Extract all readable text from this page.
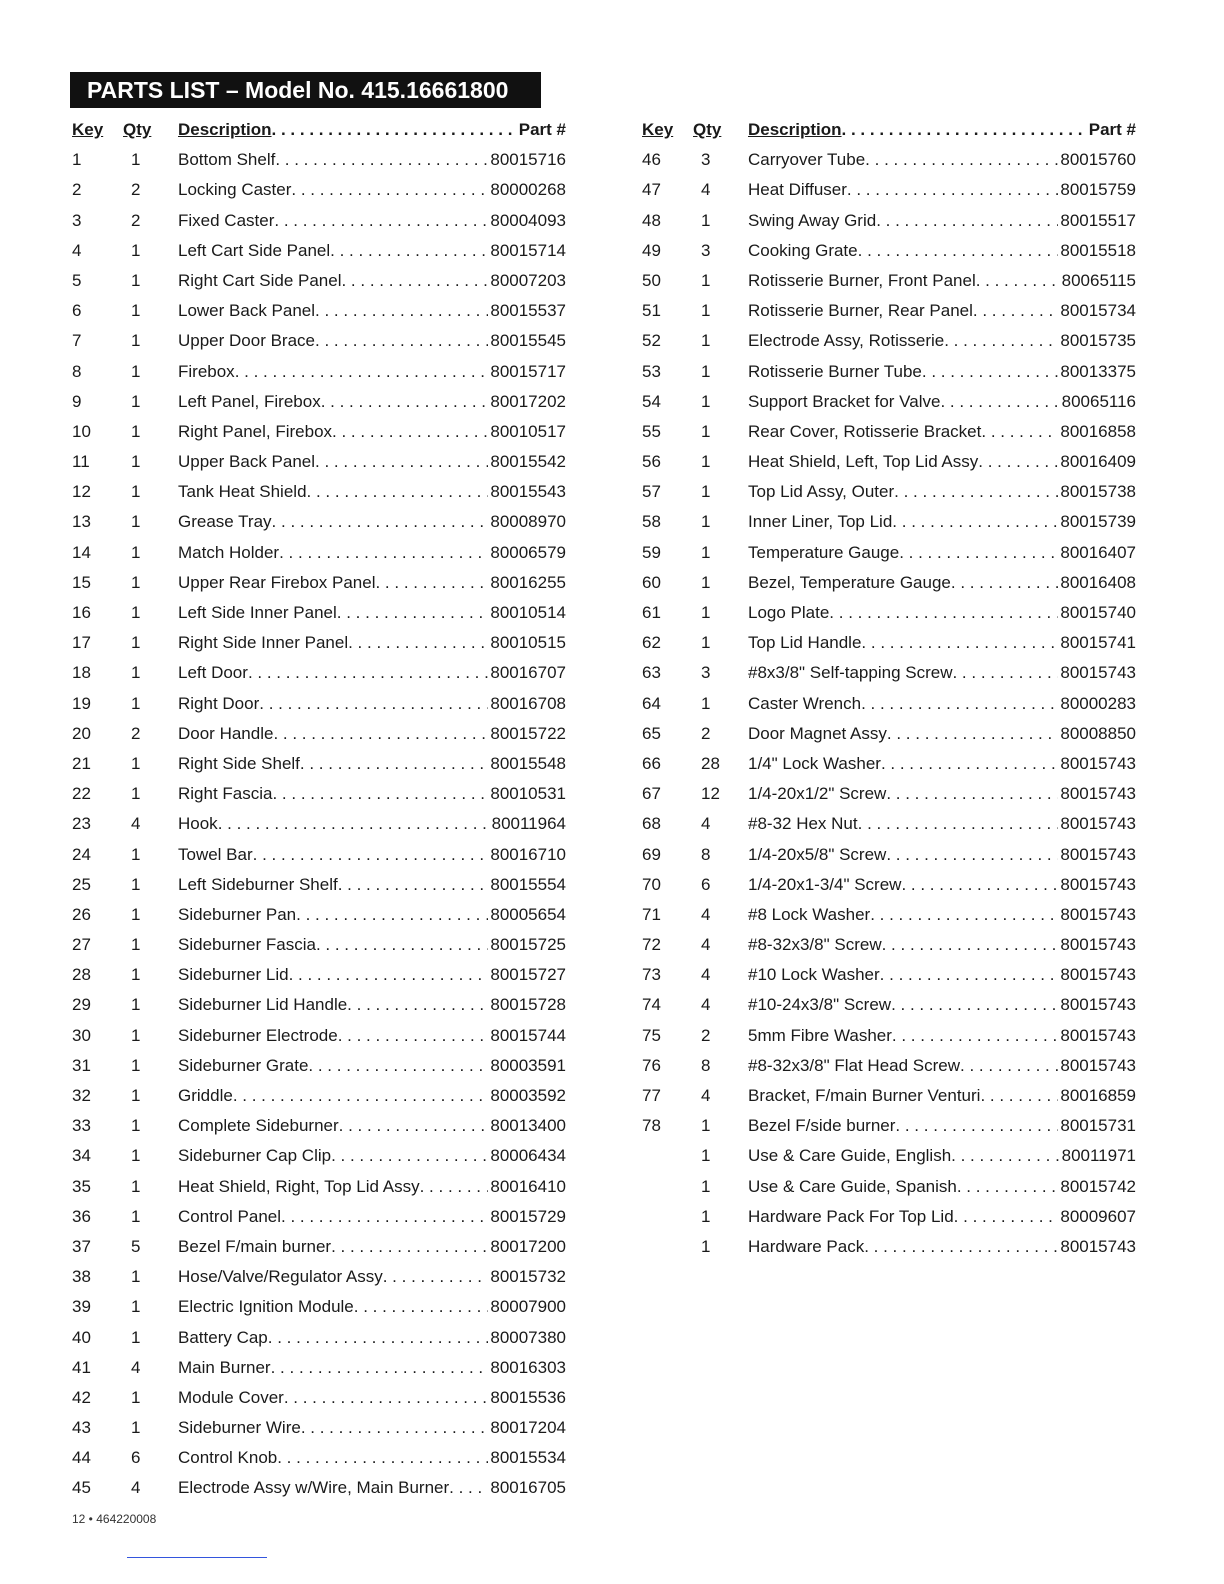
PARTS LIST – Model No. 415.16661800
Key Qty Description . . .	Part #
1	1 Bottom Shelf . . .	80015716
2	2 Locking Caster . . .	80000268
3	2 Fixed Caster . . .	80004093
4	1 Left Cart Side Panel . . .	80015714
5	1 Right Cart Side Panel . . .	80007203
6	1 Lower Back Panel . . .	80015537
7	1 Upper Door Brace . . .	80015545
8	1 Firebox . . .	80015717
9	1 Left Panel, Firebox . . .	80017202
10 1 Right Panel, Firebox . . .	80010517
11 1 Upper Back Panel . . .	80015542
12 1 Tank Heat Shield . . .	80015543
13 1 Grease Tray . . .	80008970
14 1 Match Holder . . .	80006579
15 1 Upper Rear Firebox Panel . . .	80016255
16 1 Left Side Inner Panel . . .	80010514
17 1 Right Side Inner Panel . . .	80010515
18 1 Left Door . . .	80016707
19 1 Right Door . . .	80016708
20 2 Door Handle . . .	80015722
21 1 Right Side Shelf . . .	80015548
22 1 Right Fascia . . .	80010531
23 4 Hook . . .	80011964
24 1 Towel Bar . . .	80016710
25 1 Left Sideburner Shelf . . .	80015554
26 1 Sideburner Pan . . .	80005654
27 1 Sideburner Fascia . . .	80015725
28 1 Sideburner Lid . . .	80015727
29 1 Sideburner Lid Handle . . .	80015728
30 1 Sideburner Electrode . . .	80015744
31 1 Sideburner Grate . . .	80003591
32 1 Griddle . . .	80003592
33 1 Complete Sideburner . . .	80013400
34 1 Sideburner Cap Clip . . .	80006434
35 1 Heat Shield, Right, Top Lid Assy . . .	80016410
36 1 Control Panel . . .	80015729
37 5 Bezel F/main burner . . .	80017200
38 1 Hose/Valve/Regulator Assy . . .	80015732
39 1 Electric Ignition Module . . .	80007900
40 1 Battery Cap . . .	80007380
41 4 Main Burner . . .	80016303
42 1 Module Cover . . .	80015536
43 1 Sideburner Wire . . .	80017204
44 6 Control Knob . . .	80015534
45 4 Electrode Assy w/Wire, Main Burner . . . 80016705
Key Qty Description . . .	Part #
46 3 Carryover Tube . . .	80015760
47 4 Heat Diffuser . . .	80015759
48 1 Swing Away Grid . . .	80015517
49 3 Cooking Grate . . .	80015518
50 1 Rotisserie Burner, Front Panel . . .	80065115
51 1 Rotisserie Burner, Rear Panel . . .	80015734
52 1 Electrode Assy, Rotisserie . . .	80015735
53 1 Rotisserie Burner Tube . . .	80013375
54 1 Support Bracket for Valve . . .	80065116
55 1 Rear Cover, Rotisserie Bracket . . .	80016858
56 1 Heat Shield, Left, Top Lid Assy . . .	80016409
57 1 Top Lid Assy, Outer . . .	80015738
58 1 Inner Liner, Top Lid . . .	80015739
59 1 Temperature Gauge . . .	80016407
60 1 Bezel, Temperature Gauge . . .	80016408
61 1 Logo Plate . . .	80015740
62 1 Top Lid Handle . . .	80015741
63 3 #8x3/8" Self-tapping Screw . . .	80015743
64 1 Caster Wrench . . .	80000283
65 2 Door Magnet Assy . . .	80008850
66 28 1/4" Lock Washer . . .	80015743
67 12 1/4-20x1/2" Screw . . .	80015743
68 4 #8-32 Hex Nut . . .	80015743
69 8 1/4-20x5/8" Screw . . .	80015743
70 6 1/4-20x1-3/4" Screw . . .	80015743
71 4 #8 Lock Washer . . .	80015743
72 4 #8-32x3/8" Screw . . .	80015743
73 4 #10 Lock Washer . . .	80015743
74 4 #10-24x3/8" Screw . . .	80015743
75 2 5mm Fibre Washer . . .	80015743
76 8 #8-32x3/8" Flat Head Screw . . .	80015743
77 4 Bracket, F/main Burner Venturi . . .	80016859
78 1 Bezel F/side burner . . .	80015731
1 Use & Care Guide, English . . .	80011971
1 Use & Care Guide, Spanish . . .	80015742
1 Hardware Pack For Top Lid . . .	80009607
1 Hardware Pack . . .	80015743
12 • 464220008
